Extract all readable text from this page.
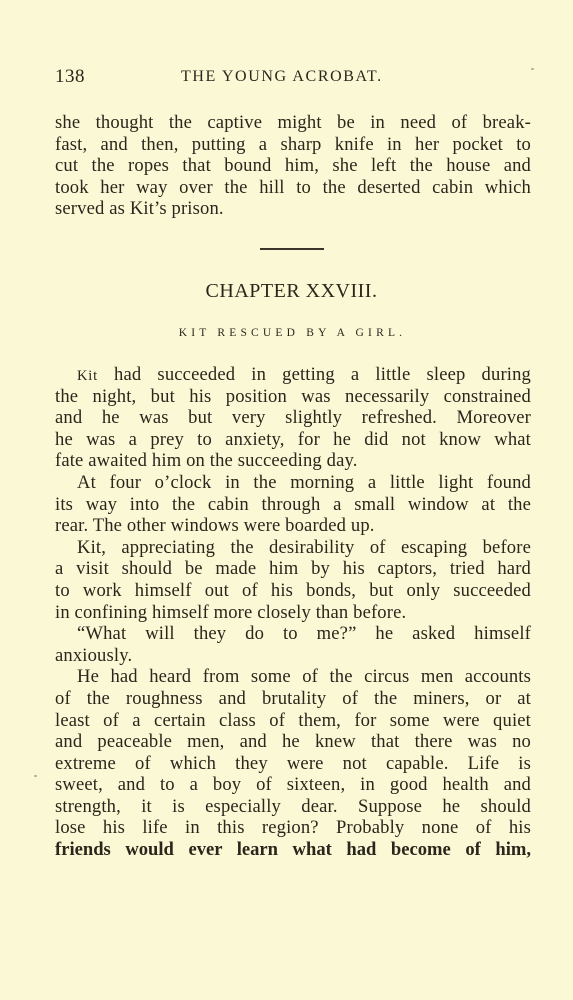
138	THE YOUNG ACROBAT.
she thought the captive might be in need of break-
fast, and then, putting a sharp knife in her pocket to
cut the ropes that bound him, she left the house and
took her way over the hill to the deserted cabin which
served as Kit’s prison.
CHAPTER XXVIII.
KIT RESCUED BY A GIRL.
Kit had succeeded in getting a little sleep during
the night, but his position was necessarily constrained
and he was but very slightly refreshed. Moreover
he was a prey to anxiety, for he did not know what
fate awaited him on the succeeding day.
At four o’clock in the morning a little light found
its way into the cabin through a small window at the
rear. The other windows were boarded up.
Kit, appreciating the desirability of escaping before
a visit should be made him by his captors, tried hard
to work himself out of his bonds, but only succeeded
in confining himself more closely than before.
“What will they do to me?” he asked himself
anxiously.
He had heard from some of the circus men accounts
of the roughness and brutality of the miners, or at
least of a certain class of them, for some were quiet
and peaceable men, and he knew that there was no
extreme of which they were not capable. Life is
sweet, and to a boy of sixteen, in good health and
strength, it is especially dear. Suppose he should
lose his life in this region? Probably none of his
friends would ever learn what had become of him,
